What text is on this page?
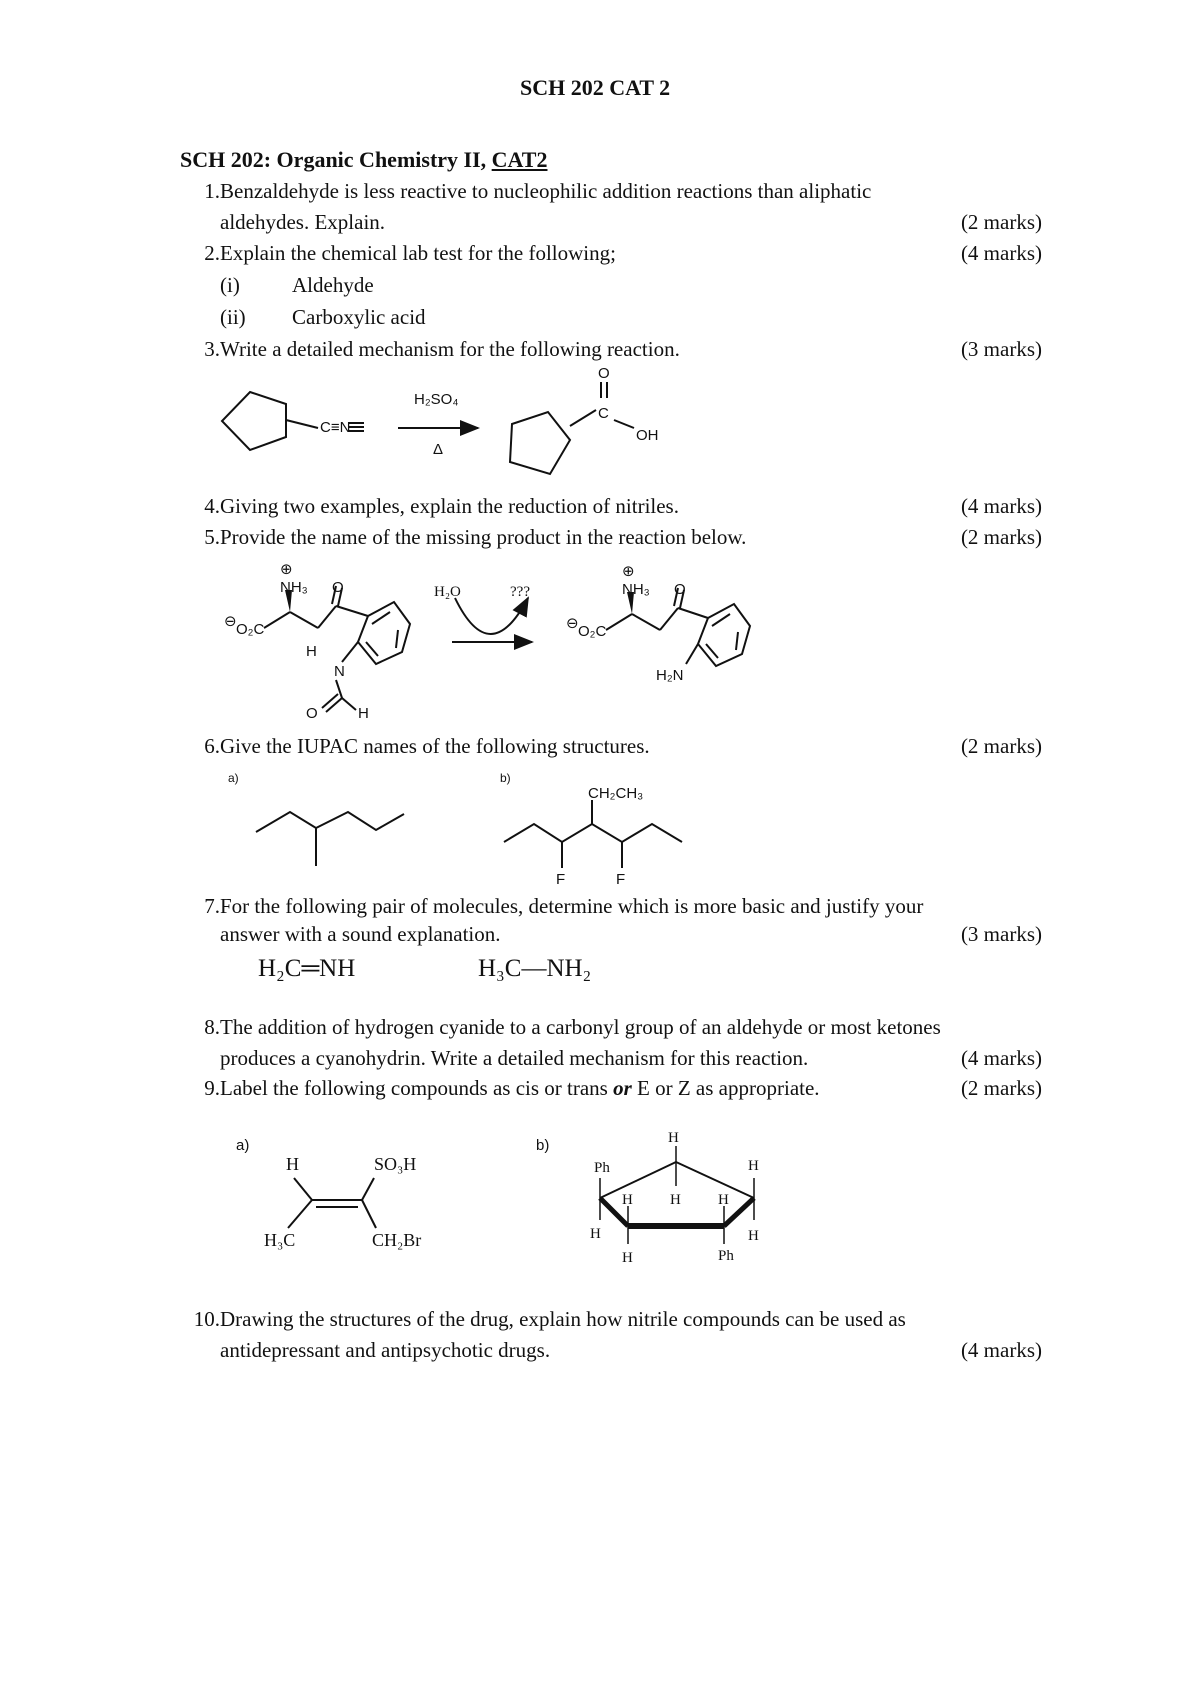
SCH 202 CAT 2
SCH 202: Organic Chemistry II, CAT2
1. Benzaldehyde is less reactive to nucleophilic addition reactions than aliphatic
aldehydes. Explain.	(2 marks)
2. Explain the chemical lab test for the following;	(4 marks)
(i) Aldehyde
(ii) Carboxylic acid
3. Write a detailed mechanism for the following reaction.	(3 marks)
4. Giving two examples, explain the reduction of nitriles.	(4 marks)
5. Provide the name of the missing product in the reaction below.	(2 marks)
6. Give the IUPAC names of the following structures.	(2 marks)
7. For the following pair of molecules, determine which is more basic and justify your
answer with a sound explanation.	(3 marks)
H₂C═NH	H₃C—NH₂
8. The addition of hydrogen cyanide to a carbonyl group of an aldehyde or most ketones
produces a cyanohydrin. Write a detailed mechanism for this reaction.	(4 marks)
9. Label the following compounds as cis or trans or E or Z as appropriate.	(2 marks)
10. Drawing the structures of the drug, explain how nitrile compounds can be used as
antidepressant and antipsychotic drugs.	(4 marks)
C≡N
H₂SO₄
Δ
O
C
OH
⊕
NH₃ O
⊖ O₂C
H
N
O	H
H₂O	???
⊕
NH₃ O
⊖ O₂C
H₂N
a)	b)
CH₂CH₃
F	F
a)
H	SO₃H
H₃C	CH₂Br
b)	H
Ph	H
H	H
H
H	H
H	Ph
